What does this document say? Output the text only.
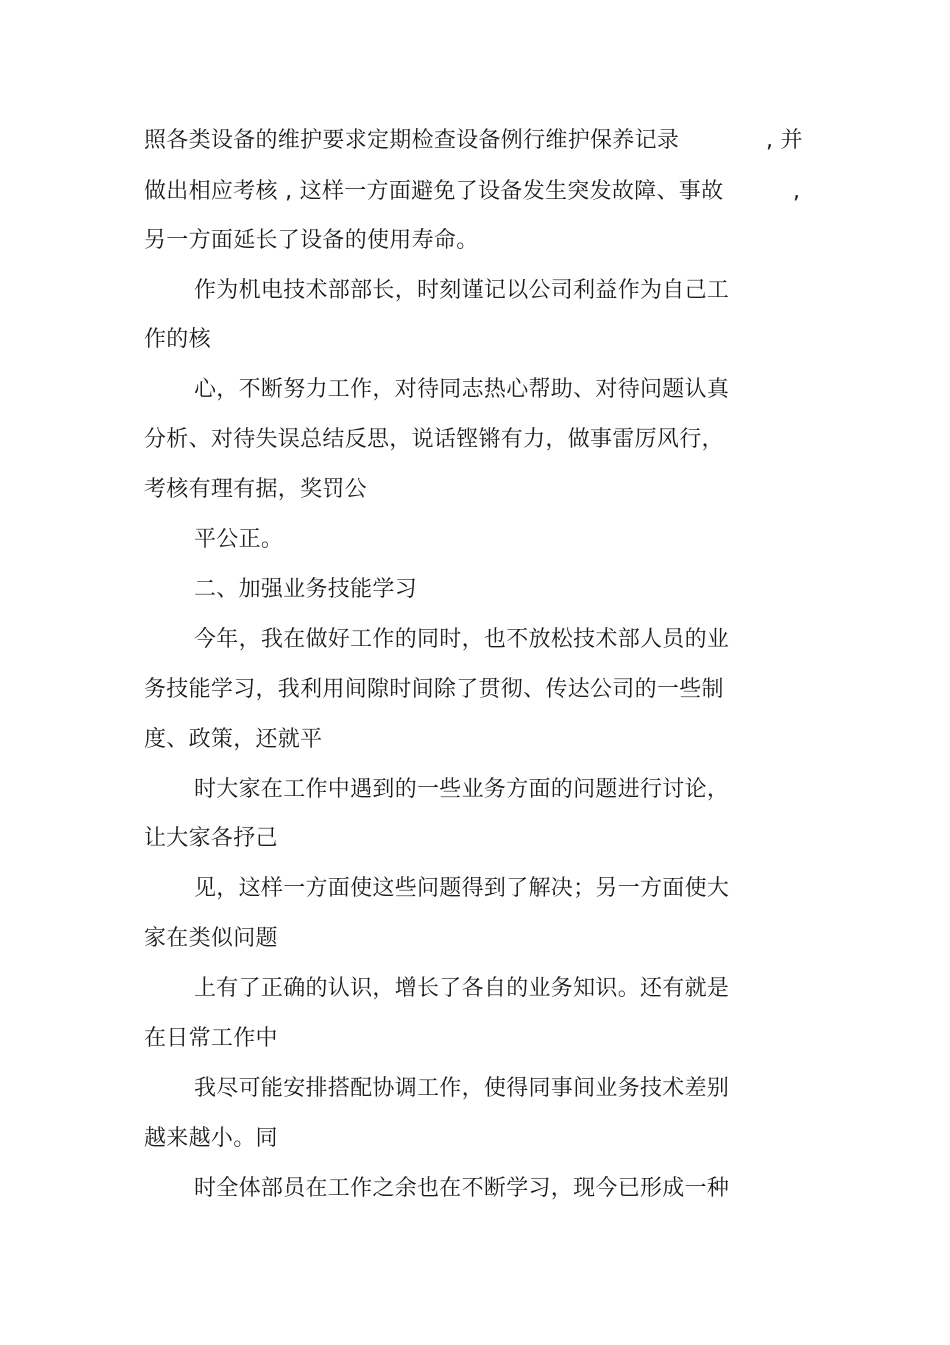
照各类设备的维护要求定期检查设备例行维护保养记录	, 并
做出相应考核 , 这样一方面避免了设备发生突发故障、事故	,
另一方面延长了设备的使用寿命。
作为机电技术部部长，时刻谨记以公司利益作为自己工
作的核
心，不断努力工作，对待同志热心帮助、对待问题认真
分析、对待失误总结反思，说话铿锵有力，做事雷厉风行，
考核有理有据，奖罚公
平公正。
二、加强业务技能学习
今年，我在做好工作的同时，也不放松技术部人员的业
务技能学习，我利用间隙时间除了贯彻、传达公司的一些制
度、政策，还就平
时大家在工作中遇到的一些业务方面的问题进行讨论，
让大家各抒己
见，这样一方面使这些问题得到了解决；另一方面使大
家在类似问题
上有了正确的认识，增长了各自的业务知识。还有就是
在日常工作中
我尽可能安排搭配协调工作，使得同事间业务技术差别
越来越小。同
时全体部员在工作之余也在不断学习，现今已形成一种
